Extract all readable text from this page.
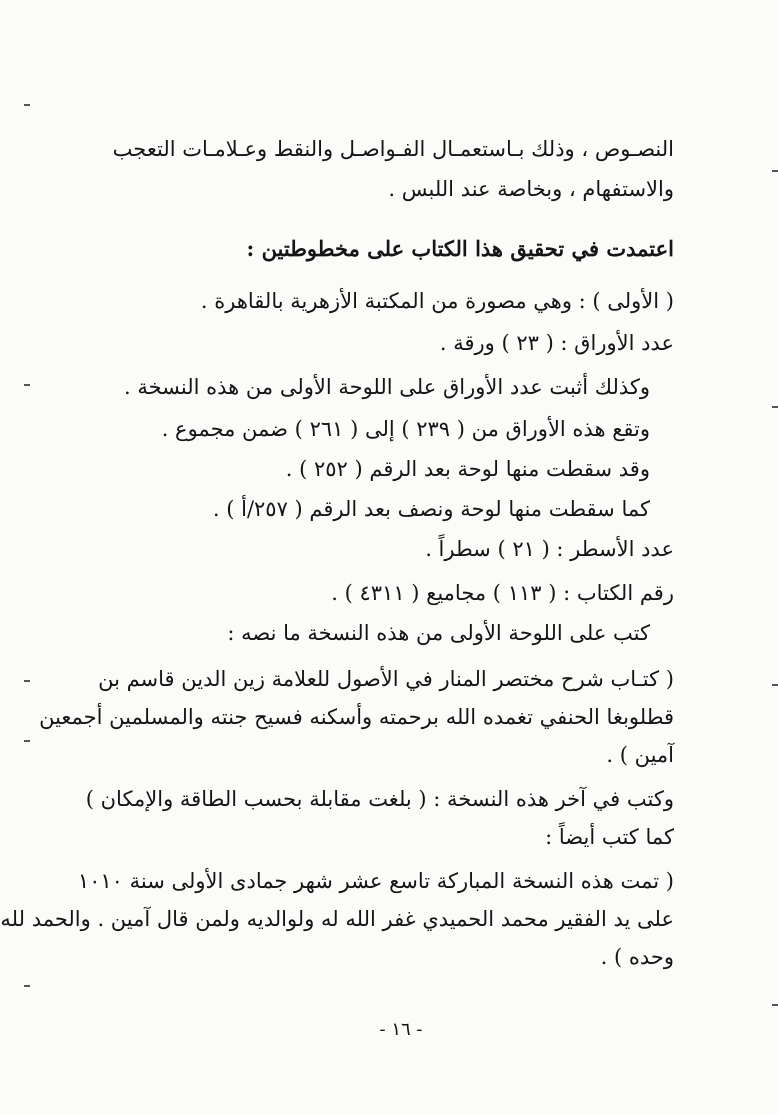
النصـوص ، وذلك بـاستعمـال الفـواصـل والنقط وعـلامـات التعجب
والاستفهام ، وبخاصة عند اللبس .
اعتمدت في تحقيق هذا الكتاب على مخطوطتين :
( الأولى ) : وهي مصورة من المكتبة الأزهرية بالقاهرة .
عدد الأوراق : ( ٢٣ ) ورقة .
وكذلك أثبت عدد الأوراق على اللوحة الأولى من هذه النسخة .
وتقع هذه الأوراق من ( ٢٣٩ ) إلى ( ٢٦١ ) ضمن مجموع .
وقد سقطت منها لوحة بعد الرقم ( ٢٥٢ ) .
كما سقطت منها لوحة ونصف بعد الرقم ( ٢٥٧/أ ) .
عدد الأسطر : ( ٢١ ) سطراً .
رقم الكتاب : ( ١١٣ ) مجاميع ( ٤٣١١ ) .
كتب على اللوحة الأولى من هذه النسخة ما نصه :
( كتـاب شرح مختصر المنار في الأصول للعلامة زين الدين قاسم بن
قطلوبغا الحنفي تغمده الله برحمته وأسكنه فسيح جنته والمسلمين أجمعين
آمين ) .
وكتب في آخر هذه النسخة : ( بلغت مقابلة بحسب الطاقة والإمكان )
كما كتب أيضاً :
( تمت هذه النسخة المباركة تاسع عشر شهر جمادى الأولى سنة ١٠١٠
على يد الفقير محمد الحميدي غفر الله له ولوالديه ولمن قال آمين . والحمد لله
وحده ) .
- ١٦ -
